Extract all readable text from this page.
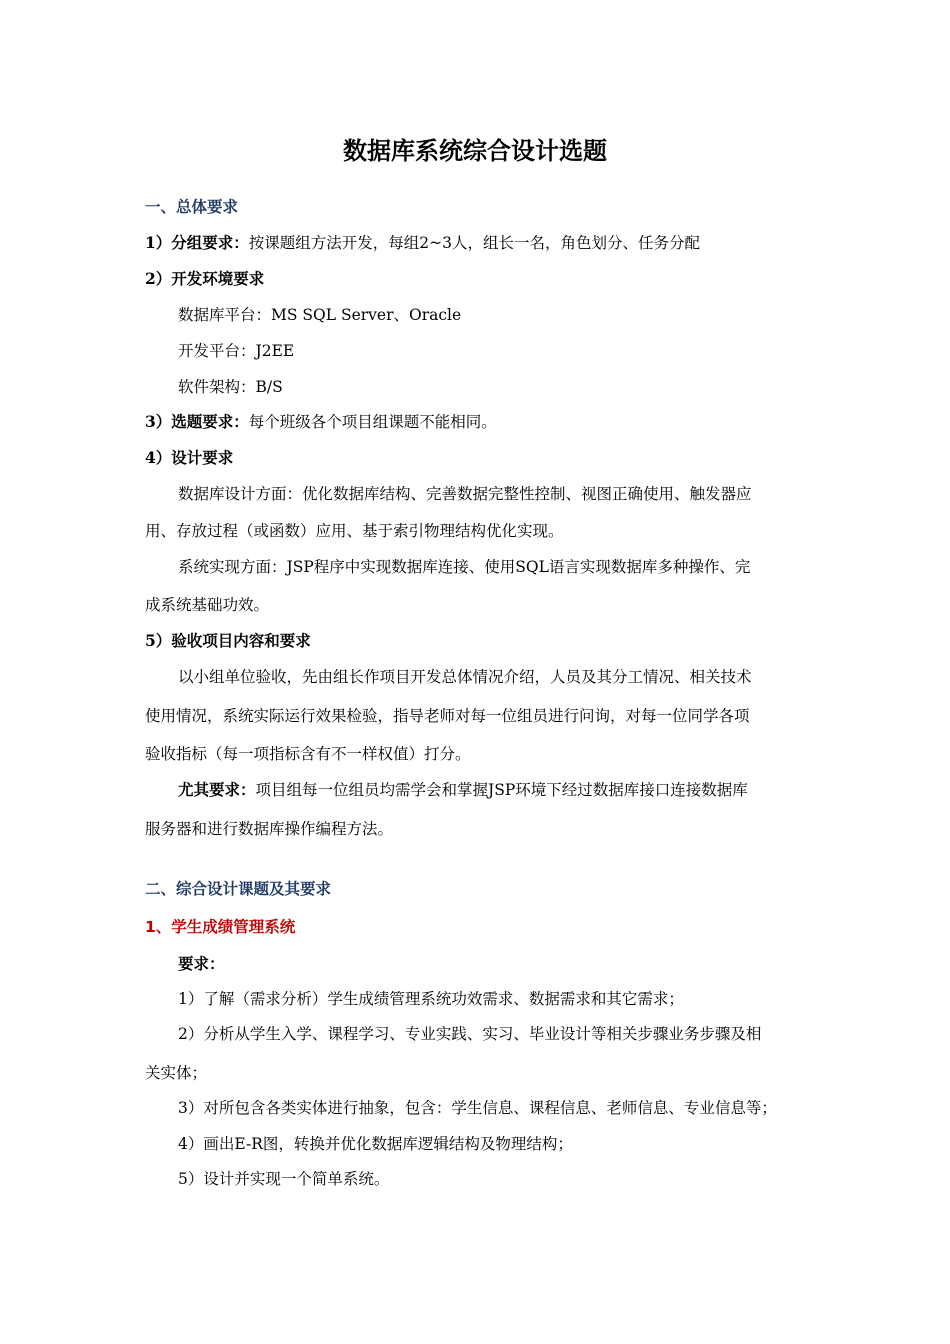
数据库系统综合设计选题
一、总体要求
1）分组要求：按课题组方法开发，每组2~3人，组长一名，角色划分、任务分配
2）开发环境要求
数据库平台：MS SQL Server、Oracle
开发平台：J2EE
软件架构：B/S
3）选题要求：每个班级各个项目组课题不能相同。
4）设计要求
数据库设计方面：优化数据库结构、完善数据完整性控制、视图正确使用、触发器应
用、存放过程（或函数）应用、基于索引物理结构优化实现。
系统实现方面：JSP程序中实现数据库连接、使用SQL语言实现数据库多种操作、完
成系统基础功效。
5）验收项目内容和要求
以小组单位验收，先由组长作项目开发总体情况介绍，人员及其分工情况、相关技术
使用情况，系统实际运行效果检验，指导老师对每一位组员进行问询，对每一位同学各项
验收指标（每一项指标含有不一样权值）打分。
尤其要求：项目组每一位组员均需学会和掌握JSP环境下经过数据库接口连接数据库
服务器和进行数据库操作编程方法。
二、综合设计课题及其要求
1、学生成绩管理系统
要求：
1）了解（需求分析）学生成绩管理系统功效需求、数据需求和其它需求；
2）分析从学生入学、课程学习、专业实践、实习、毕业设计等相关步骤业务步骤及相
关实体；
3）对所包含各类实体进行抽象，包含：学生信息、课程信息、老师信息、专业信息等；
4）画出E-R图，转换并优化数据库逻辑结构及物理结构；
5）设计并实现一个简单系统。
